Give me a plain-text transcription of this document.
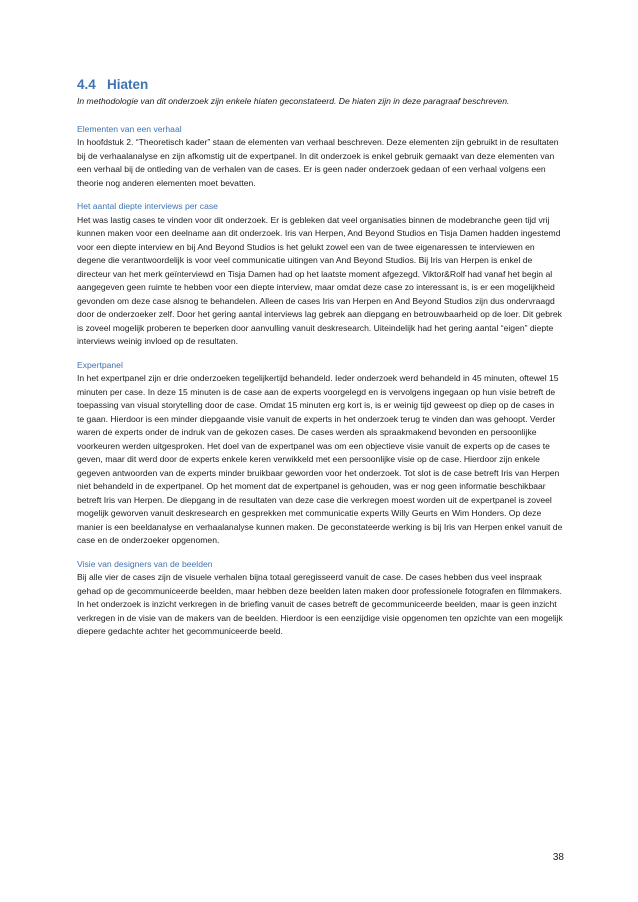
4.4 Hiaten

In methodologie van dit onderzoek zijn enkele hiaten geconstateerd. De hiaten zijn in deze paragraaf beschreven.

Elementen van een verhaal

In hoofdstuk 2. “Theoretisch kader” staan de elementen van verhaal beschreven. Deze elementen zijn gebruikt in de resultaten bij de verhaalanalyse en zijn afkomstig uit de expertpanel. In dit onderzoek is enkel gebruik gemaakt van deze elementen van een verhaal bij de ontleding van de verhalen van de cases. Er is geen nader onderzoek gedaan of een verhaal volgens een theorie nog anderen elementen moet bevatten.

Het aantal diepte interviews per case

Het was lastig cases te vinden voor dit onderzoek. Er is gebleken dat veel organisaties binnen de modebranche geen tijd vrij kunnen maken voor een deelname aan dit onderzoek. Iris van Herpen, And Beyond Studios en Tisja Damen hadden ingestemd voor een diepte interview en bij And Beyond Studios is het gelukt zowel een van de twee eigenaressen te interviewen en degene die verantwoordelijk is voor veel communicatie uitingen van And Beyond Studios. Bij Iris van Herpen is enkel de directeur van het merk geïnterviewd en Tisja Damen had op het laatste moment afgezegd. Viktor&Rolf had vanaf het begin al aangegeven geen ruimte te hebben voor een diepte interview, maar omdat deze case zo interessant is, is er een mogelijkheid gevonden om deze case alsnog te behandelen. Alleen de cases Iris van Herpen en And Beyond Studios zijn dus ondervraagd door de onderzoeker zelf. Door het gering aantal interviews lag gebrek aan diepgang en betrouwbaarheid op de loer. Dit gebrek is zoveel mogelijk proberen te beperken door aanvulling vanuit deskresearch. Uiteindelijk had het gering aantal “eigen” diepte interviews weinig invloed op de resultaten.

Expertpanel

In het expertpanel zijn er drie onderzoeken tegelijkertijd behandeld. Ieder onderzoek werd behandeld in 45 minuten, oftewel 15 minuten per case. In deze 15 minuten is de case aan de experts voorgelegd en is vervolgens ingegaan op hun visie betreft de toepassing van visual storytelling door de case. Omdat 15 minuten erg kort is, is er weinig tijd geweest op diep op de cases in te gaan. Hierdoor is een minder diepgaande visie vanuit de experts in het onderzoek terug te vinden dan was gehoopt. Verder waren de experts onder de indruk van de gekozen cases. De cases werden als spraakmakend bevonden en persoonlijke voorkeuren werden uitgesproken. Het doel van de expertpanel was om een objectieve visie vanuit de experts op de cases te geven, maar dit werd door de experts enkele keren verwikkeld met een persoonlijke visie op de case. Hierdoor zijn enkele gegeven antwoorden van de experts minder bruikbaar geworden voor het onderzoek. Tot slot is de case betreft Iris van Herpen niet behandeld in de expertpanel. Op het moment dat de expertpanel is gehouden, was er nog geen informatie beschikbaar betreft Iris van Herpen. De diepgang in de resultaten van deze case die verkregen moest worden uit de expertpanel is zoveel mogelijk geworven vanuit deskresearch en gesprekken met communicatie experts Willy Geurts en Wim Honders. Op deze manier is een beeldanalyse en verhaalanalyse kunnen maken. De geconstateerde werking is bij Iris van Herpen enkel vanuit de case en de onderzoeker opgenomen.

Visie van designers van de beelden

Bij alle vier de cases zijn de visuele verhalen bijna totaal geregisseerd vanuit de case. De cases hebben dus veel inspraak gehad op de gecommuniceerde beelden, maar hebben deze beelden laten maken door professionele fotografen en filmmakers. In het onderzoek is inzicht verkregen in de briefing vanuit de cases betreft de gecommuniceerde beelden, maar is geen inzicht verkregen in de visie van de makers van de beelden. Hierdoor is een eenzijdige visie opgenomen ten opzichte van een mogelijk diepere gedachte achter het gecommuniceerde beeld.

38
